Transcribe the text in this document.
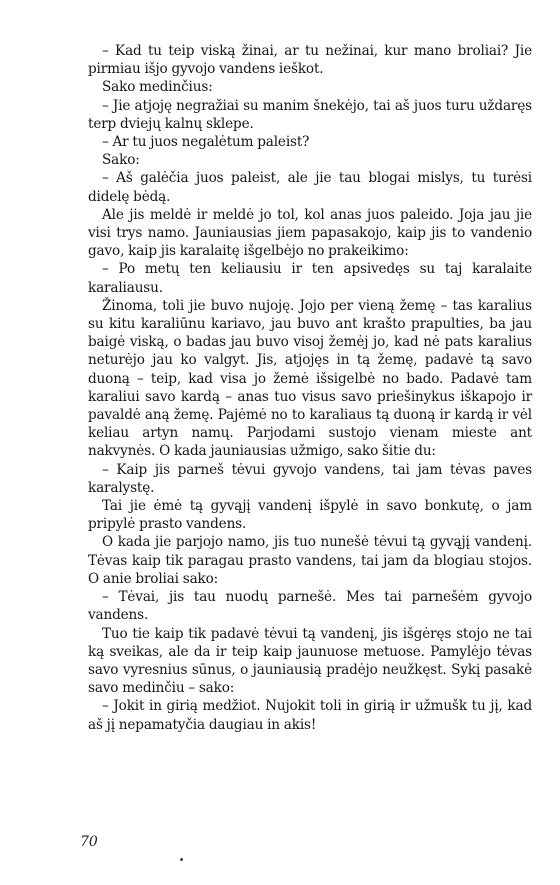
– Kad tu teip viską žinai, ar tu nežinai, kur mano broliai? Jie pirmiau išjo gyvojo vandens ieškot.

Sako medinčius:

– Jie atjoję negražiai su manim šnekėjo, tai aš juos turu uždaręs terp dviejų kalnų sklepe.

– Ar tu juos negalėtum paleist?

Sako:

– Aš galėčia juos paleist, ale jie tau blogai mislys, tu turėsi didelę bėdą.

Ale jis meldė ir meldė jo tol, kol anas juos paleido. Joja jau jie visi trys namo. Jauniausias jiem papasakojo, kaip jis to vandenio gavo, kaip jis karalaitę išgelbėjo no prakeikimo:

– Po metų ten keliausiu ir ten apsivedęs su taj karalaite karaliausu.

Žinoma, toli jie buvo nujoję. Jojo per vieną žemę – tas karalius su kitu karaliūnu kariavo, jau buvo ant krašto prapulties, ba jau baigė viską, o badas jau buvo visoj žemėj jo, kad nė pats karalius neturėjo jau ko valgyt. Jis, atjojęs in tą žemę, padavė tą savo duoną – teip, kad visa jo žemė išsigelbė no bado. Padavė tam karaliui savo kardą – anas tuo visus savo priešinykus iškapojo ir pavaldė aną žemę. Pajėmė no to karaliaus tą duoną ir kardą ir vėl keliau artyn namų. Parjodami sustojo vienam miestе ant nakvynės. O kada jauniausias užmigo, sako šitie du:

– Kaip jis parneš tėvui gyvojo vandens, tai jam tėvas paves karalystę.

Tai jie ėmė tą gyvąjį vandenį išpylė in savo bonkutę, o jam pripylė prasto vandens.

O kada jie parjojo namo, jis tuo nunešė tėvui tą gyvąjį vandenį. Tėvas kaip tik paragau prasto vandens, tai jam da blogiau stojos. O anie broliai sako:

– Tėvai, jis tau nuodų parnešė. Mes tai parnešėm gyvojo vandens.

Tuo tie kaip tik padavė tėvui tą vandenį, jis išgėręs stojo ne tai ką sveikas, ale da ir teip kaip jaunuose metuose. Pamylėjo tėvas savo vyresnius sūnus, o jauniausią pradėjo neužkęst. Sykį pasakė savo medinčiu – sako:

– Jokit in girią medžiot. Nujokit toli in girią ir užmušk tu jį, kad aš jį nepamatyčia daugiau in akis!

70
